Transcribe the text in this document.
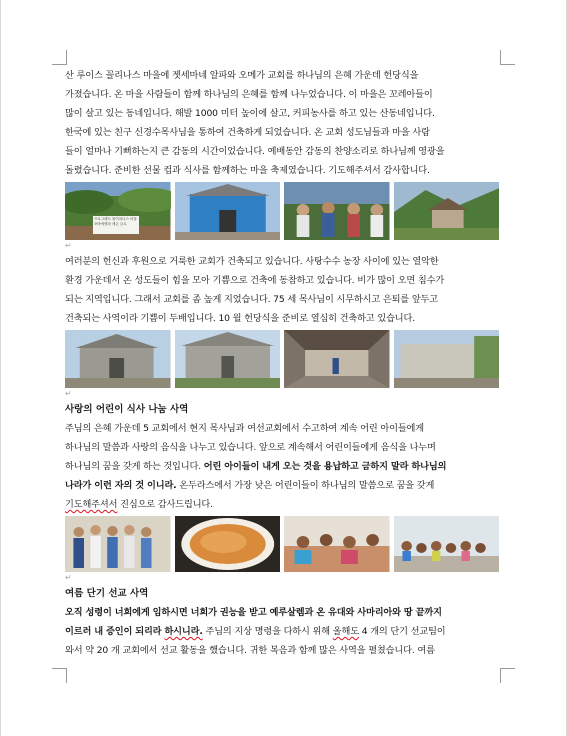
산 루이스 꼴리나스 마을에 젯세마네 알파와 오메가 교회를 하나님의 은혜 가운데 헌당식을

가졌습니다. 온 마을 사람들이 함께 하나님의 은혜를 함께 나누었습니다. 이 마을은 꼬레아들이

많이 살고 있는 동네입니다. 해발 1000 미터 높이에 살고, 커피농사를 하고 있는 산동네입니다.

한국에 있는 친구 신경수목사님을 통하여 건축하게 되었습니다. 온 교회 성도님들과 마을 사람

들이 얼마나 기뻐하는지 큰 감동의 시간이었습니다. 예배동안 감동의 찬양소리로 하나님께 영광을

돌렸습니다. 준비한 선물 컵과 식사를 함께하는 마을 축제였습니다. 기도해주셔서 감사합니다.

프로그램도 물이치나스 마을
포바에델라 세손 클로
↵

여러분의 헌신과 후원으로 거룩한 교회가 건축되고 있습니다. 사탕수수 농장 사이에 있는 열악한

환경 가운데서 온 성도들이 힘을 모아 기쁨으로 건축에 동참하고 있습니다. 비가 많이 오면 침수가

되는 지역입니다. 그래서 교회를 좀 높게 지었습니다. 75 세 목사님이 시무하시고 은퇴를 앞두고

건축되는 사역이라 기쁨이 두배입니다. 10 월 헌당식을 준비로 열심히 건축하고 있습니다.

↵

사랑의 어린이 식사 나눔 사역

주님의 은혜 가운데 5 교회에서 현지 목사님과 여선교회에서 수고하여 계속 어린 아이들에게

하나님의 말씀과 사랑의 음식을 나누고 있습니다. 앞으로 계속해서 어린이들에게 음식을 나누며

하나님의 꿈을 갖게 하는 것입니다. 어린 아이들이 내게 오는 것을 용납하고 금하지 말라 하나님의

나라가 이런 자의 것 이니라. 온두라스에서 가장 낮은 어린이들이 하나님의 말씀으로 꿈을 갖게

기도해주셔서 진심으로 감사드립니다.

↵

여름 단기 선교 사역

오직 성령이 너희에게 임하시면 너희가 권능을 받고 예루살렘과 온 유대와 사마리아와 땅 끝까지

이르러 내 증인이 되리라 하시니라. 주님의 지상 명령을 다하시 위해 올해도 4 개의 단기 선교팀이

와서 약 20 개 교회에서 선교 활동을 했습니다. 귀한 복음과 함께 많은 사역을 펼쳤습니다. 여름
